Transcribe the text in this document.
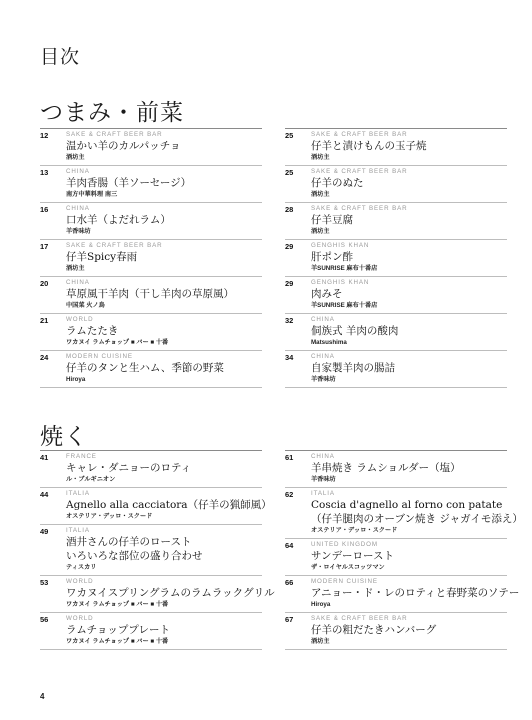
目次
つまみ・前菜
12	SAKE & CRAFT BEER BAR
温かい羊のカルパッチョ
酒坊主
13	CHINA
羊肉香腸（羊ソーセージ）
南方中華料理 南三
16	CHINA
口水羊（よだれラム）
羊香味坊
17	SAKE & CRAFT BEER BAR
仔羊Spicy春雨
酒坊主
20	CHINA
草原風干羊肉（干し羊肉の草原風）
中国菜 火ノ鳥
21	WORLD
ラムたたき
ワカヌイ ラムチョップ ■ バー ■ 十番
24	MODERN CUISINE
仔羊のタンと生ハム、季節の野菜
Hiroya
25	SAKE & CRAFT BEER BAR
仔羊と漬けもんの玉子焼
酒坊主
25	SAKE & CRAFT BEER BAR
仔羊のぬた
酒坊主
28	SAKE & CRAFT BEER BAR
仔羊豆腐
酒坊主
29	GENGHIS KHAN
肝ポン酢
羊SUNRISE 麻布十番店
29	GENGHIS KHAN
肉みそ
羊SUNRISE 麻布十番店
32	CHINA
侗族式 羊肉の酸肉
Matsushima
34	CHINA
自家製羊肉の腸詰
羊香味坊
焼く
41	FRANCE
キャレ・ダニョーのロティ
ル・ブルギニオン
44	ITALIA
Agnello alla cacciatora（仔羊の猟師風）
オステリア・デッロ・スクード
49	ITALIA
酒井さんの仔羊のロースト
いろいろな部位の盛り合わせ
ティスカリ
53	WORLD
ワカヌイスプリングラムのラムラックグリル
ワカヌイ ラムチョップ ■ バー ■ 十番
56	WORLD
ラムチョッププレート
ワカヌイ ラムチョップ ■ バー ■ 十番
61	CHINA
羊串焼き ラムショルダー（塩）
羊香味坊
62	ITALIA
Coscia d'agnello al forno con patate
（仔羊腿肉のオーブン焼き ジャガイモ添え）
オステリア・デッロ・スクード
64	UNITED KINGDOM
サンデーロースト
ザ・ロイヤルスコッツマン
66	MODERN CUISINE
アニョー・ド・レのロティと春野菜のソテー
Hiroya
67	SAKE & CRAFT BEER BAR
仔羊の粗だたきハンバーグ
酒坊主
4
